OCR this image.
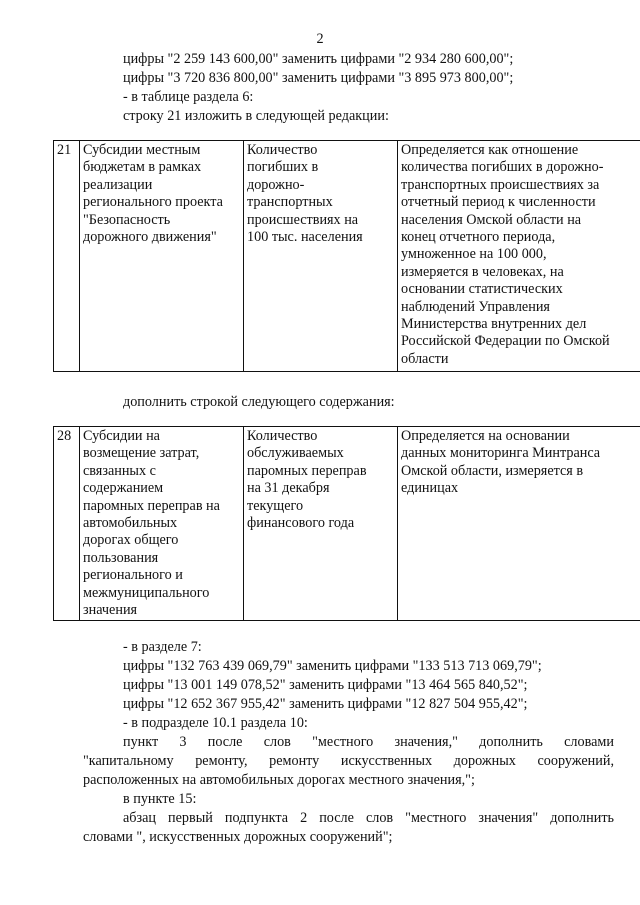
2
цифры "2 259 143 600,00" заменить цифрами "2 934 280 600,00";
цифры "3 720 836 800,00" заменить цифрами "3 895 973 800,00";
- в таблице раздела 6:
строку 21 изложить в следующей редакции:
21	Субсидии местным
бюджетам в рамках
реализации
регионального проекта
"Безопасность
дорожного движения"	Количество
погибших в
дорожно-
транспортных
происшествиях на
100 тыс. населения	Определяется как отношение
количества погибших в дорожно-
транспортных происшествиях за
отчетный период к численности
населения Омской области на
конец отчетного периода,
умноженное на 100 000,
измеряется в человеках, на
основании статистических
наблюдений Управления
Министерства внутренних дел
Российской Федерации по Омской
области
дополнить строкой следующего содержания:
28	Субсидии на
возмещение затрат,
связанных с
содержанием
паромных переправ на
автомобильных
дорогах общего
пользования
регионального и
межмуниципального
значения	Количество
обслуживаемых
паромных переправ
на 31 декабря
текущего
финансового года	Определяется на основании
данных мониторинга Минтранса
Омской области, измеряется в
единицах
- в разделе 7:
цифры "132 763 439 069,79" заменить цифрами "133 513 713 069,79";
цифры "13 001 149 078,52" заменить цифрами "13 464 565 840,52";
цифры "12 652 367 955,42" заменить цифрами "12 827 504 955,42";
- в подразделе 10.1 раздела 10:
пункт 3 после слов "местного значения," дополнить словами
"капитальному ремонту, ремонту искусственных дорожных сооружений,
расположенных на автомобильных дорогах местного значения,";
в пункте 15:
абзац первый подпункта 2 после слов "местного значения" дополнить
словами ", искусственных дорожных сооружений";
